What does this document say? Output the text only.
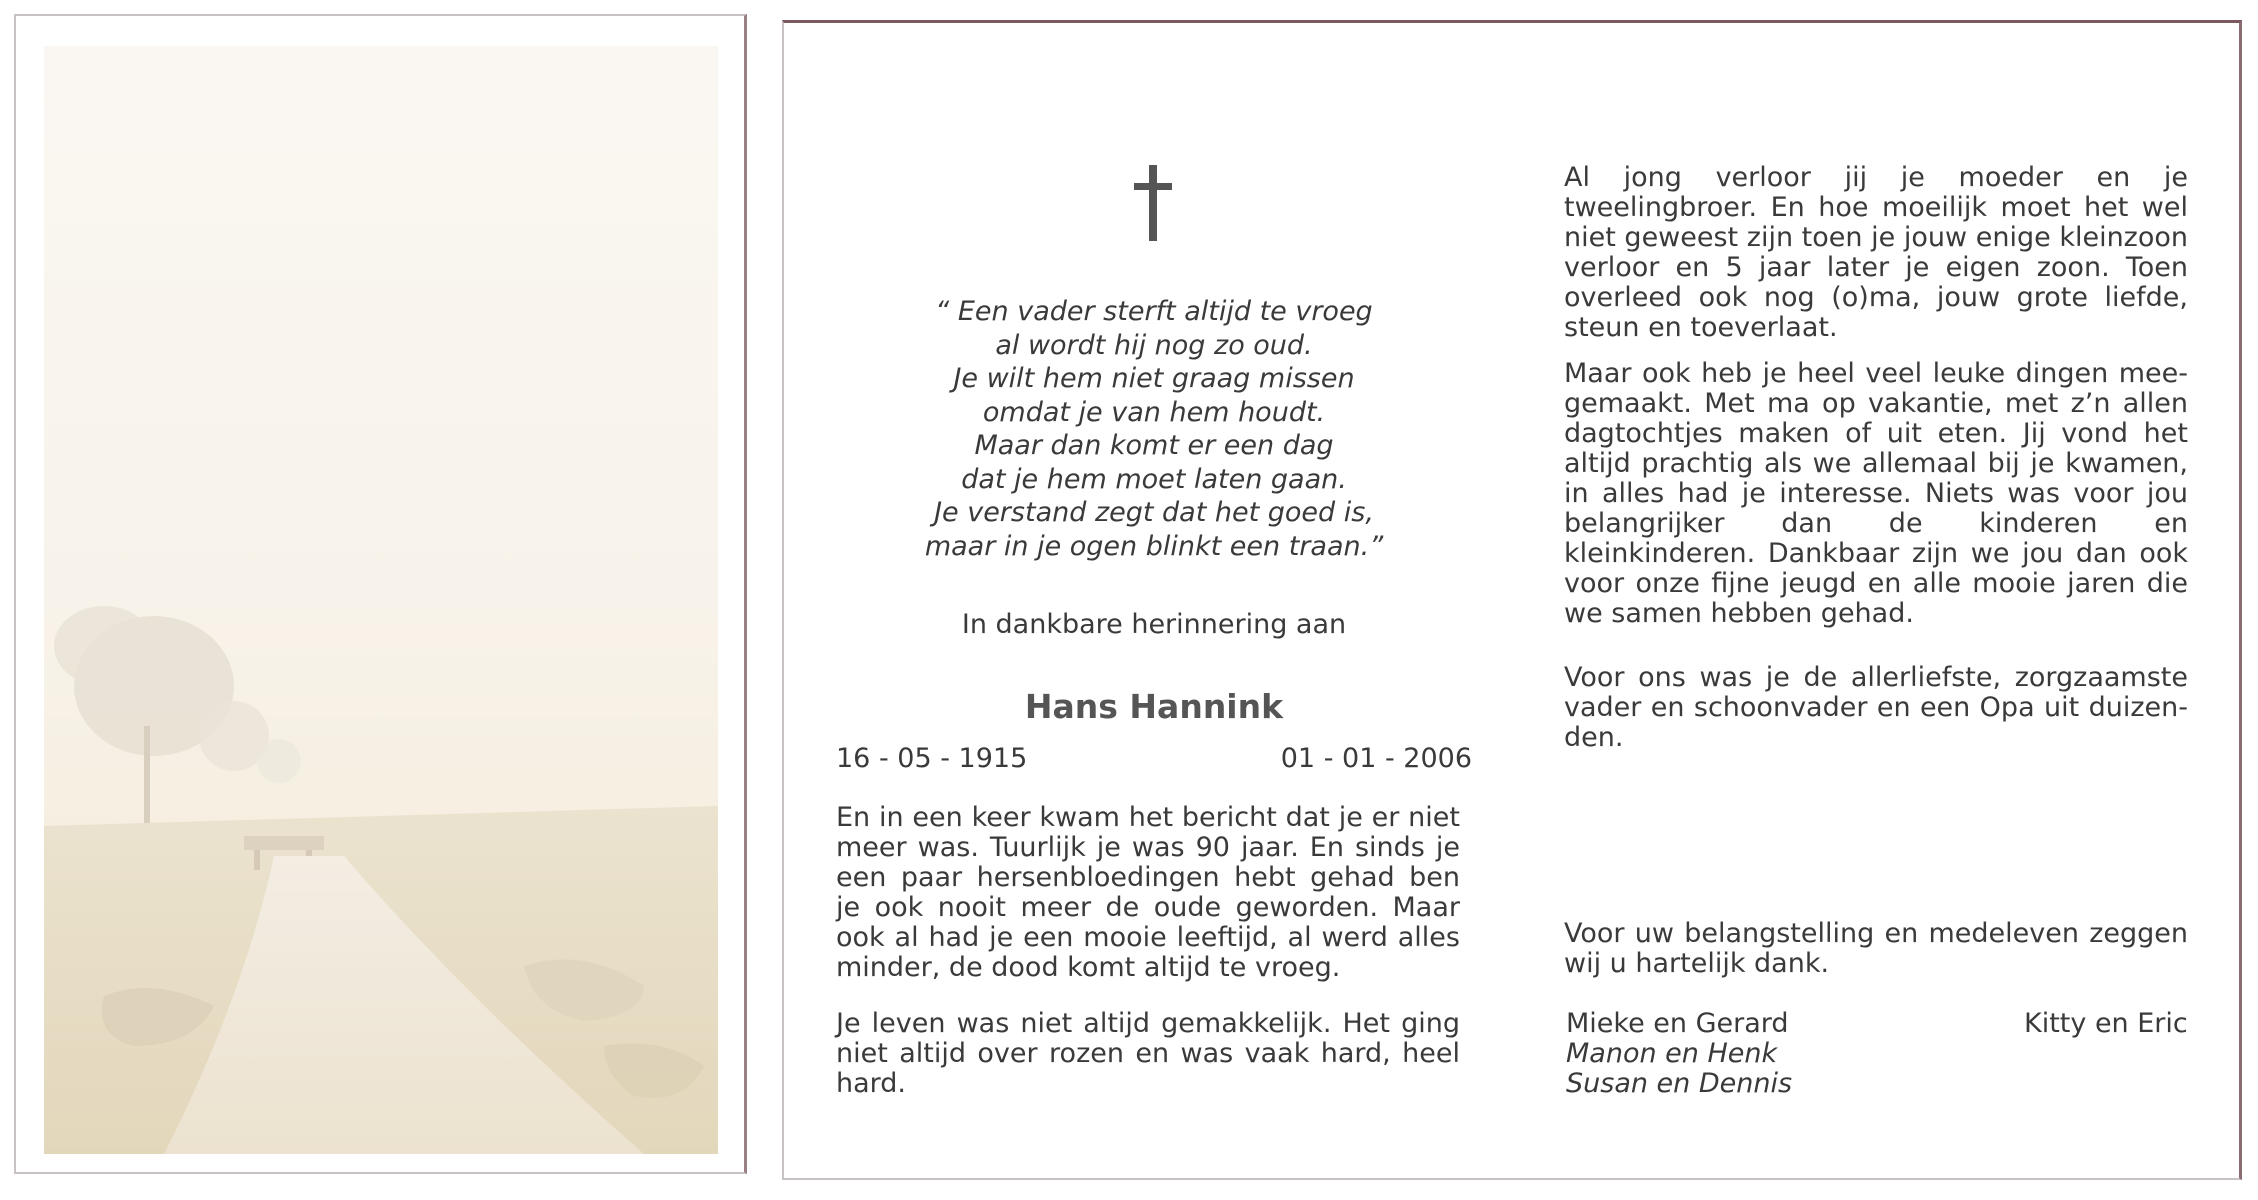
“ Een vader sterft altijd te vroeg
al wordt hij nog zo oud.
Je wilt hem niet graag missen
omdat je van hem houdt.
Maar dan komt er een dag
dat je hem moet laten gaan.
Je verstand zegt dat het goed is,
maar in je ogen blinkt een traan.”
In dankbare herinnering aan
Hans Hannink
16 - 05 - 1915	01 - 01 - 2006
En in een keer kwam het bericht dat je er niet meer was. Tuurlijk je was 90 jaar. En sinds je een paar hersenbloedingen hebt gehad ben je ook nooit meer de oude geworden. Maar ook al had je een mooie leeftijd, al werd alles minder, de dood komt altijd te vroeg.
Je leven was niet altijd gemakkelijk. Het ging niet altijd over rozen en was vaak hard, heel hard.
Al jong verloor jij je moeder en je tweelingbroer. En hoe moeilijk moet het wel niet geweest zijn toen je jouw enige kleinzoon verloor en 5 jaar later je eigen zoon. Toen overleed ook nog (o)ma, jouw grote liefde, steun en toeverlaat.
Maar ook heb je heel veel leuke dingen mee-gemaakt. Met ma op vakantie, met z’n allen dagtochtjes maken of uit eten. Jij vond het altijd prachtig als we allemaal bij je kwamen, in alles had je interesse. Niets was voor jou belangrijker dan de kinderen en kleinkinderen. Dankbaar zijn we jou dan ook voor onze fijne jeugd en alle mooie jaren die we samen hebben gehad.
Voor ons was je de allerliefste, zorgzaamste vader en schoonvader en een Opa uit duizen-den.
Voor uw belangstelling en medeleven zeggen wij u hartelijk dank.
Mieke en Gerard
Manon en Henk
Susan en Dennis
Kitty en Eric
